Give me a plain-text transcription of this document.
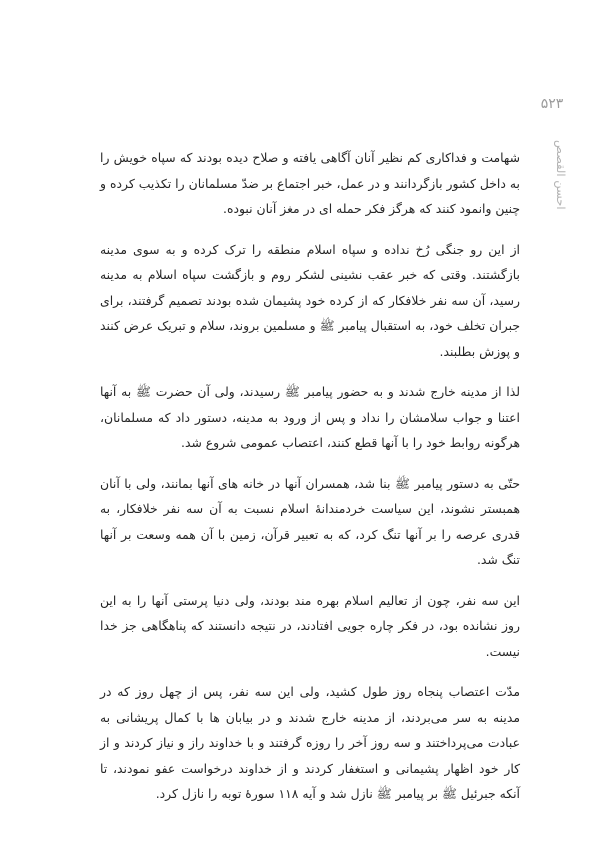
۵۲۳
احسن القصص

شهامت و فداکاری کم نظیر آنان آگاهی یافته و صلاح دیده بودند که سپاه خویش را به داخل کشور بازگردانند و در عمل، خبر اجتماع بر ضدّ مسلمانان را تکذیب کرده و چنین وانمود کنند که هرگز فکر حمله ای در مغز آنان نبوده.

از این رو جنگی رُخ نداده و سپاه اسلام منطقه را ترک کرده و به سوی مدینه بازگشتند. وقتی که خبر عقب نشینی لشکر روم و بازگشت سپاه اسلام به مدینه رسید، آن سه نفر خلافکار که از کرده خود پشیمان شده بودند تصمیم گرفتند، برای جبران تخلف خود، به استقبال پیامبر ﷺ و مسلمین بروند، سلام و تبریک عرض کنند و پوزش بطلبند.

لذا از مدینه خارج شدند و به حضور پیامبر ﷺ رسیدند، ولی آن حضرت ﷺ به آنها اعتنا و جواب سلامشان را نداد و پس از ورود به مدینه، دستور داد که مسلمانان، هرگونه روابط خود را با آنها قطع کنند، اعتصاب عمومی شروع شد.

حتّی به دستور پیامبر ﷺ بنا شد، همسران آنها در خانه های آنها بمانند، ولی با آنان همبستر نشوند، این سیاست خردمندانهٔ اسلام نسبت به آن سه نفر خلافکار، به قدری عرصه را بر آنها تنگ کرد، که به تعبیر قرآن، زمین با آن همه وسعت بر آنها تنگ شد.

این سه نفر، چون از تعالیم اسلام بهره مند بودند، ولی دنیا پرستی آنها را به این روز نشانده بود، در فکر چاره جویی افتادند، در نتیجه دانستند که پناهگاهی جز خدا نیست.

مدّت اعتصاب پنجاه روز طول کشید، ولی این سه نفر، پس از چهل روز که در مدینه به سر می‌بردند، از مدینه خارج شدند و در بیابان ها با کمال پریشانی به عبادت می‌پرداختند و سه روز آخر را روزه گرفتند و با خداوند راز و نیاز کردند و از کار خود اظهار پشیمانی و استغفار کردند و از خداوند درخواست عفو نمودند، تا آنکه جبرئیل ﷺ بر پیامبر ﷺ نازل شد و آیه ۱۱۸ سورهٔ توبه را نازل کرد.
